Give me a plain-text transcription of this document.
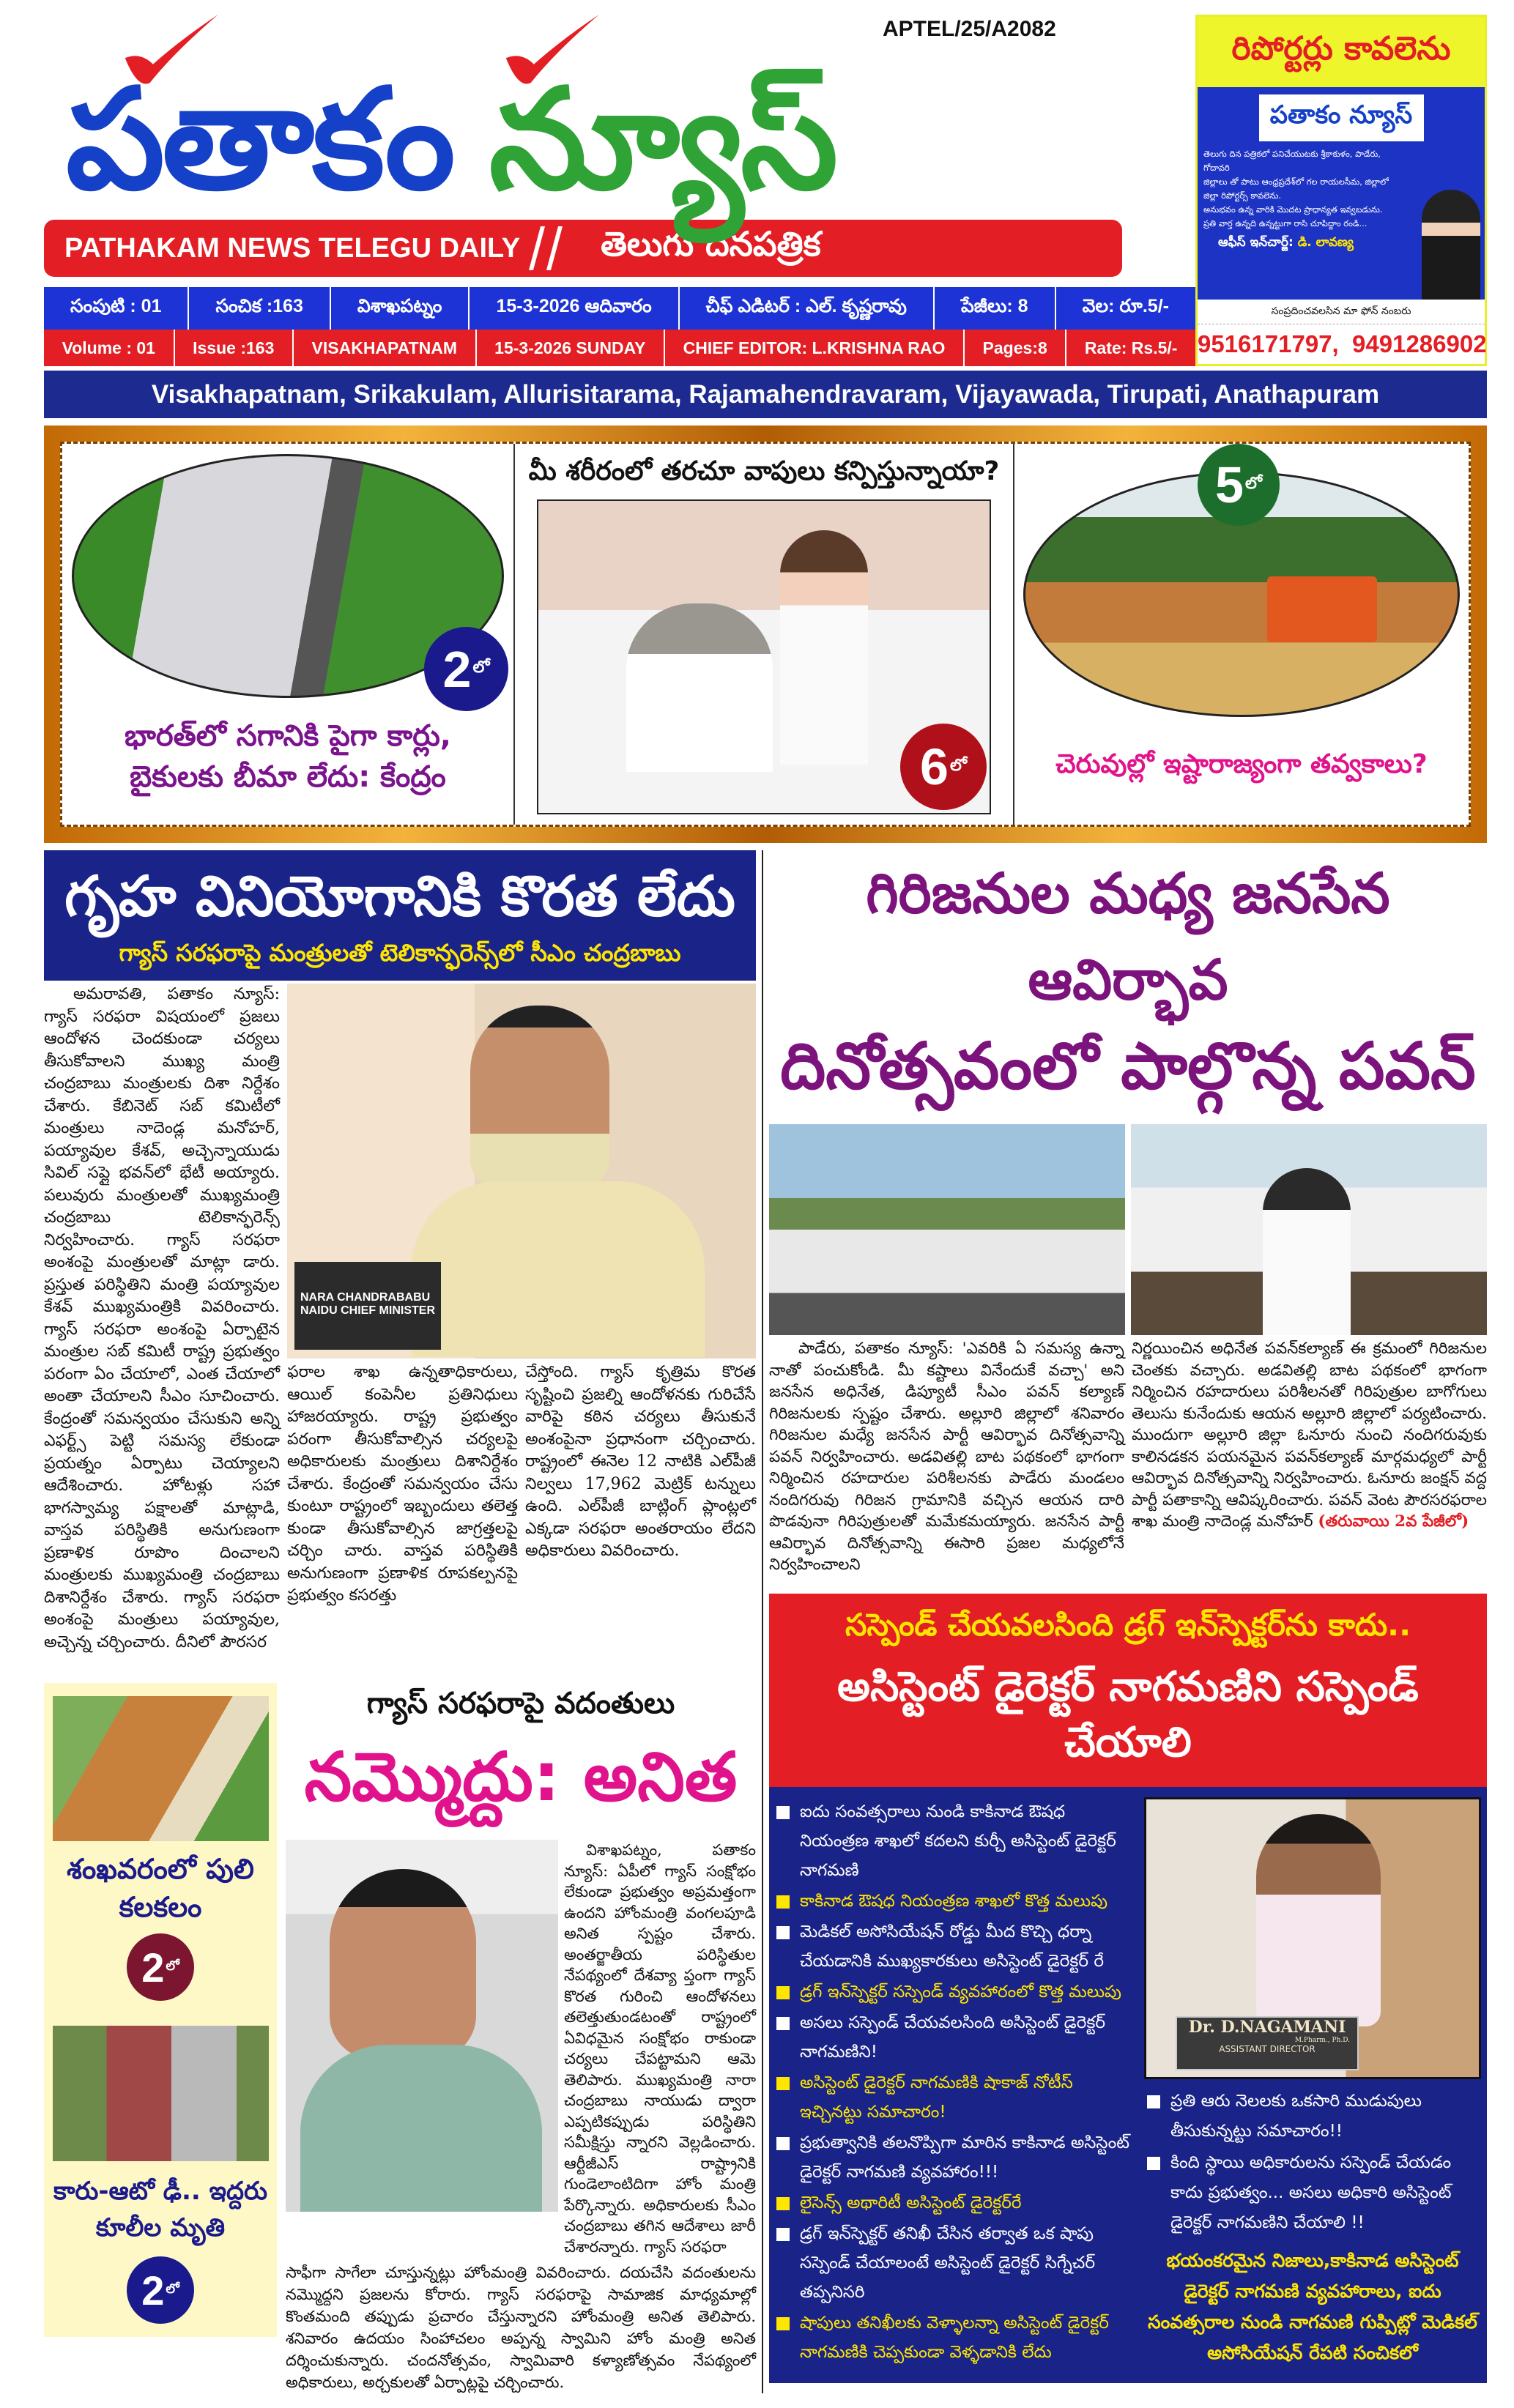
APTEL/25/A2082
పతాకం న్యూస్
PATHAKAM NEWS TELEGU DAILY	తెలుగు దినపత్రిక
సంపుటి : 01	సంచిక :163	విశాఖపట్నం	15-3-2026 ఆదివారం	చీఫ్ ఎడిటర్ : ఎల్. కృష్ణరావు	పేజీలు: 8	వెల: రూ.5/-
Volume : 01	Issue :163	VISAKHAPATNAM	15-3-2026 SUNDAY	CHIEF EDITOR: L.KRISHNA RAO	Pages:8	Rate: Rs.5/-
రిపోర్టర్లు కావలెను
పతాకం న్యూస్
తెలుగు దిన పత్రికలో పనిచేయుటకు శ్రీకాకుళం, పాడేరు, గోదావరి
జిల్లాలు తో పాటు ఆంధ్రప్రదేశ్‌లో గల రాయలసీమ, జిల్లాలో
జిల్లా రిపోర్టర్స్ కావలెను.
అనుభవం ఉన్న వారికి మొదట ప్రాధాన్యత ఇవ్వబడును.
ప్రతి వార్త ఉన్నది ఉన్నట్టుగా రాసి చూపిద్దాం రండి...
ఆఫీస్ ఇన్‌చార్జ్: డి. లావణ్య
సంప్రదించవలసిన మా ఫోన్ నంబరు
9516171797,  9491286902
Visakhapatnam, Srikakulam, Allurisitarama, Rajamahendravaram, Vijayawada, Tirupati, Anathapuram
2 లో
భారత్‌లో సగానికి పైగా కార్లు, బైకులకు బీమా లేదు: కేంద్రం
మీ శరీరంలో తరచూ వాపులు కన్పిస్తున్నాయా?
6 లో
5 లో
చెరువుల్లో ఇష్టారాజ్యంగా తవ్వకాలు?
గృహ వినియోగానికి కొరత లేదు
గ్యాస్ సరఫరాపై మంత్రులతో టెలికాన్ఫరెన్స్‌లో సీఎం చంద్రబాబు
అమరావతి, పతాకం న్యూస్: గ్యాస్ సరఫరా విషయంలో ప్రజలు ఆందోళన చెందకుండా చర్యలు తీసుకోవాలని ముఖ్య మంత్రి చంద్రబాబు మంత్రులకు దిశా నిర్దేశం చేశారు. కేబినెట్ సబ్ కమిటీలో మంత్రులు నాదెండ్ల మనోహర్, పయ్యావుల కేశవ్, అచ్చెన్నాయుడు సివిల్ సప్లై భవన్‌లో భేటీ అయ్యారు. పలువురు మంత్రులతో ముఖ్యమంత్రి చంద్రబాబు టెలికాన్ఫరెన్స్ నిర్వహించారు. గ్యాస్ సరఫరా అంశంపై మంత్రులతో మాట్లా డారు. ప్రస్తుత పరిస్థితిని మంత్రి పయ్యావుల కేశవ్ ముఖ్యమంత్రికి వివరించారు. గ్యాస్ సరఫరా అంశంపై ఏర్పాటైన మంత్రుల సబ్ కమిటీ రాష్ట్ర ప్రభుత్వం పరంగా ఏం చేయాలో, ఎంత చేయాలో అంతా చేయాలని సీఎం సూచించారు. కేంద్రంతో సమన్వయం చేసుకుని అన్ని ఎఫర్ట్స్ పెట్టి సమస్య లేకుండా ప్రయత్నం ఏర్పాటు చెయ్యాలని ఆదేశించారు. హోటళ్లు సహా భాగస్వామ్య పక్షాలతో మాట్లాడి, వాస్తవ పరిస్థితికి అనుగుణంగా ప్రణాళిక రూపొం దించాలని మంత్రులకు ముఖ్యమంత్రి చంద్రబాబు దిశానిర్దేశం చేశారు. గ్యాస్ సరఫరా అంశంపై మంత్రులు పయ్యావుల, అచ్చెన్న చర్చించారు. దీనిలో పౌరసర
NARA CHANDRABABU NAIDU CHIEF MINISTER
ఫరాల శాఖ ఉన్నతాధికారులు, ఆయిల్ కంపెనీల ప్రతినిధులు హాజరయ్యారు. రాష్ట్ర ప్రభుత్వం పరంగా తీసుకోవాల్సిన చర్యలపై అధికారులకు మంత్రులు దిశానిర్దేశం చేశారు. కేంద్రంతో సమన్వయం చేసు కుంటూ రాష్ట్రంలో ఇబ్బందులు తలెత్త కుండా తీసుకోవాల్సిన జాగ్రత్తలపై చర్చిం చారు. వాస్తవ పరిస్థితికి అనుగుణంగా ప్రణాళిక రూపకల్పనపై ప్రభుత్వం కసరత్తు
చేస్తోంది. గ్యాస్ కృత్రిమ కొరత సృష్టించి ప్రజల్ని ఆందోళనకు గురిచేసే వారిపై కఠిన చర్యలు తీసుకునే అంశంపైనా ప్రధానంగా చర్చించారు. రాష్ట్రంలో ఈనెల 12 నాటికి ఎల్‌పీజీ నిల్వలు 17,962 మెట్రిక్ టన్నులు ఉంది. ఎల్‌పీజీ బాట్లింగ్ ప్లాంట్లలో ఎక్కడా సరఫరా అంతరాయం లేదని అధికారులు వివరించారు.
శంఖవరంలో పులి కలకలం
2 లో
కారు-ఆటో ఢీ.. ఇద్దరు కూలీల మృతి
2 లో
గ్యాస్ సరఫరాపై వదంతులు
నమ్మొద్దు: అనిత
విశాఖపట్నం, పతాకం న్యూస్: ఏపీలో గ్యాస్ సంక్షోభం లేకుండా ప్రభుత్వం అప్రమత్తంగా ఉందని హోంమంత్రి వంగలపూడి అనిత స్పష్టం చేశారు. అంతర్జాతీయ పరిస్థితుల నేపథ్యంలో దేశవ్యా ప్తంగా గ్యాస్ కొరత గురించి ఆందోళనలు తలెత్తుతుండటంతో రాష్ట్రంలో ఏవిధమైన సంక్షోభం రాకుండా చర్యలు చేపట్టామని ఆమె తెలిపారు. ముఖ్యమంత్రి నారా చంద్రబాబు నాయుడు ద్వారా ఎప్పటికప్పుడు పరిస్థితిని సమీక్షిస్తు న్నారని వెల్లడించారు. ఆర్టీజీఎస్ రాష్ట్రానికి గుండెలాంటిదిగా హోం మంత్రి పేర్కొన్నారు. అధికారులకు సీఎం చంద్రబాబు తగిన ఆదేశాలు జారీ చేశారన్నారు. గ్యాస్ సరఫరా
సాఫీగా సాగేలా చూస్తున్నట్లు హోంమంత్రి వివరించారు. దయచేసి వదంతులను నమ్మొద్దని ప్రజలను కోరారు. గ్యాస్ సరఫరాపై సామాజిక మాధ్యమాల్లో కొంతమంది తప్పుడు ప్రచారం చేస్తున్నారని హోంమంత్రి అనిత తెలిపారు. శనివారం ఉదయం సింహాచలం అప్పన్న స్వామిని హోం మంత్రి అనిత దర్శించుకున్నారు. చందనోత్సవం, స్వామివారి కళ్యాణోత్సవం నేపథ్యంలో అధికారులు, అర్చకులతో ఏర్పాట్లపై చర్చించారు.
గిరిజనుల మధ్య జనసేన ఆవిర్భావ
దినోత్సవంలో పాల్గొన్న పవన్
పాడేరు, పతాకం న్యూస్: 'ఎవరికి ఏ సమస్య ఉన్నా నాతో పంచుకోండి. మీ కష్టాలు వినేందుకే వచ్చా' అని జనసేన అధినేత, డిప్యూటీ సీఎం పవన్ కల్యాణ్ గిరిజనులకు స్పష్టం చేశారు. అల్లూరి జిల్లాలో శనివారం గిరిజనుల మధ్యే జనసేన పార్టీ ఆవిర్భావ దినోత్సవాన్ని పవన్ నిర్వహించారు. అడవితల్లి బాట పథకంలో భాగంగా నిర్మించిన రహదారుల పరిశీలనకు పాడేరు మండలం నందిగరువు గిరిజన గ్రామానికి వచ్చిన ఆయన దారి పొడవునా గిరిపుత్రులతో మమేకమయ్యారు. జనసేన పార్టీ ఆవిర్భావ దినోత్సవాన్ని ఈసారి ప్రజల మధ్యలోనే నిర్వహించాలని
నిర్ణయించిన అధినేత పవన్‌కల్యాణ్ ఈ క్రమంలో గిరిజనుల చెంతకు వచ్చారు. అడవితల్లి బాట పథకంలో భాగంగా నిర్మించిన రహదారులు పరిశీలనతో గిరిపుత్రుల బాగోగులు తెలుసు కునేందుకు ఆయన అల్లూరి జిల్లాలో పర్యటించారు. ముందుగా అల్లూరి జిల్లా ఓనూరు నుంచి నందిగరువుకు కాలినడకన పయనమైన పవన్‌కల్యాణ్ మార్గమధ్యలో పార్టీ ఆవిర్భావ దినోత్సవాన్ని నిర్వహించారు. ఓనూరు జంక్షన్ వద్ద పార్టీ పతాకాన్ని ఆవిష్కరించారు. పవన్ వెంట పౌరసరఫరాల శాఖ మంత్రి నాదెండ్ల మనోహర్ (తరువాయి 2వ పేజీలో)
సస్పెండ్ చేయవలసింది డ్రగ్ ఇన్‌స్పెక్టర్‌ను కాదు..
అసిస్టెంట్ డైరెక్టర్ నాగమణిని సస్పెండ్ చేయాలి
ఐదు సంవత్సరాలు నుండి కాకినాడ ఔషధ నియంత్రణ శాఖలో కదలని కుర్చీ అసిస్టెంట్ డైరెక్టర్ నాగమణి
కాకినాడ ఔషధ నియంత్రణ శాఖలో కొత్త మలుపు
మెడికల్ అసోసియేషన్ రోడ్డు మీద కొచ్చి ధర్నా చేయడానికి ముఖ్యకారకులు అసిస్టెంట్ డైరెక్టర్ రే
డ్రగ్ ఇన్‌స్పెక్టర్ సస్పెండ్ వ్యవహారంలో కొత్త మలుపు
అసలు సస్పెండ్ చేయవలసింది అసిస్టెంట్ డైరెక్టర్ నాగమణిని!
అసిస్టెంట్ డైరెక్టర్ నాగమణికి షాకాజ్ నోటీస్ ఇచ్చినట్టు సమాచారం!
ప్రభుత్వానికి తలనొప్పిగా మారిన కాకినాడ అసిస్టెంట్ డైరెక్టర్ నాగమణి వ్యవహారం!!!
లైసెన్స్ అథారిటీ అసిస్టెంట్ డైరెక్టర్‌రే
డ్రగ్ ఇన్‌స్పెక్టర్ తనిఖీ చేసిన తర్వాత ఒక షాపు సస్పెండ్ చేయాలంటే అసిస్టెంట్ డైరెక్టర్ సిగ్నేచర్ తప్పనిసరి
షాపులు తనిఖీలకు వెళ్ళాలన్నా అసిస్టెంట్ డైరెక్టర్ నాగమణికి చెప్పకుండా వెళ్ళడానికి లేదు
Dr. D.NAGAMANI
M.Pharm., Ph.D.
ASSISTANT DIRECTOR
ప్రతి ఆరు నెలలకు ఒకసారి ముడుపులు తీసుకున్నట్టు సమాచారం!!
కింది స్థాయి అధికారులను సస్పెండ్ చేయడం కాదు ప్రభుత్వం... అసలు అధికారి అసిస్టెంట్ డైరెక్టర్ నాగమణిని చేయాలి !!
భయంకరమైన నిజాలు,కాకినాడ అసిస్టెంట్ డైరెక్టర్ నాగమణి వ్యవహారాలు, ఐదు సంవత్సరాల నుండి నాగమణి గుప్పిట్లో మెడికల్ అసోసియేషన్ రేపటి సంచికలో
